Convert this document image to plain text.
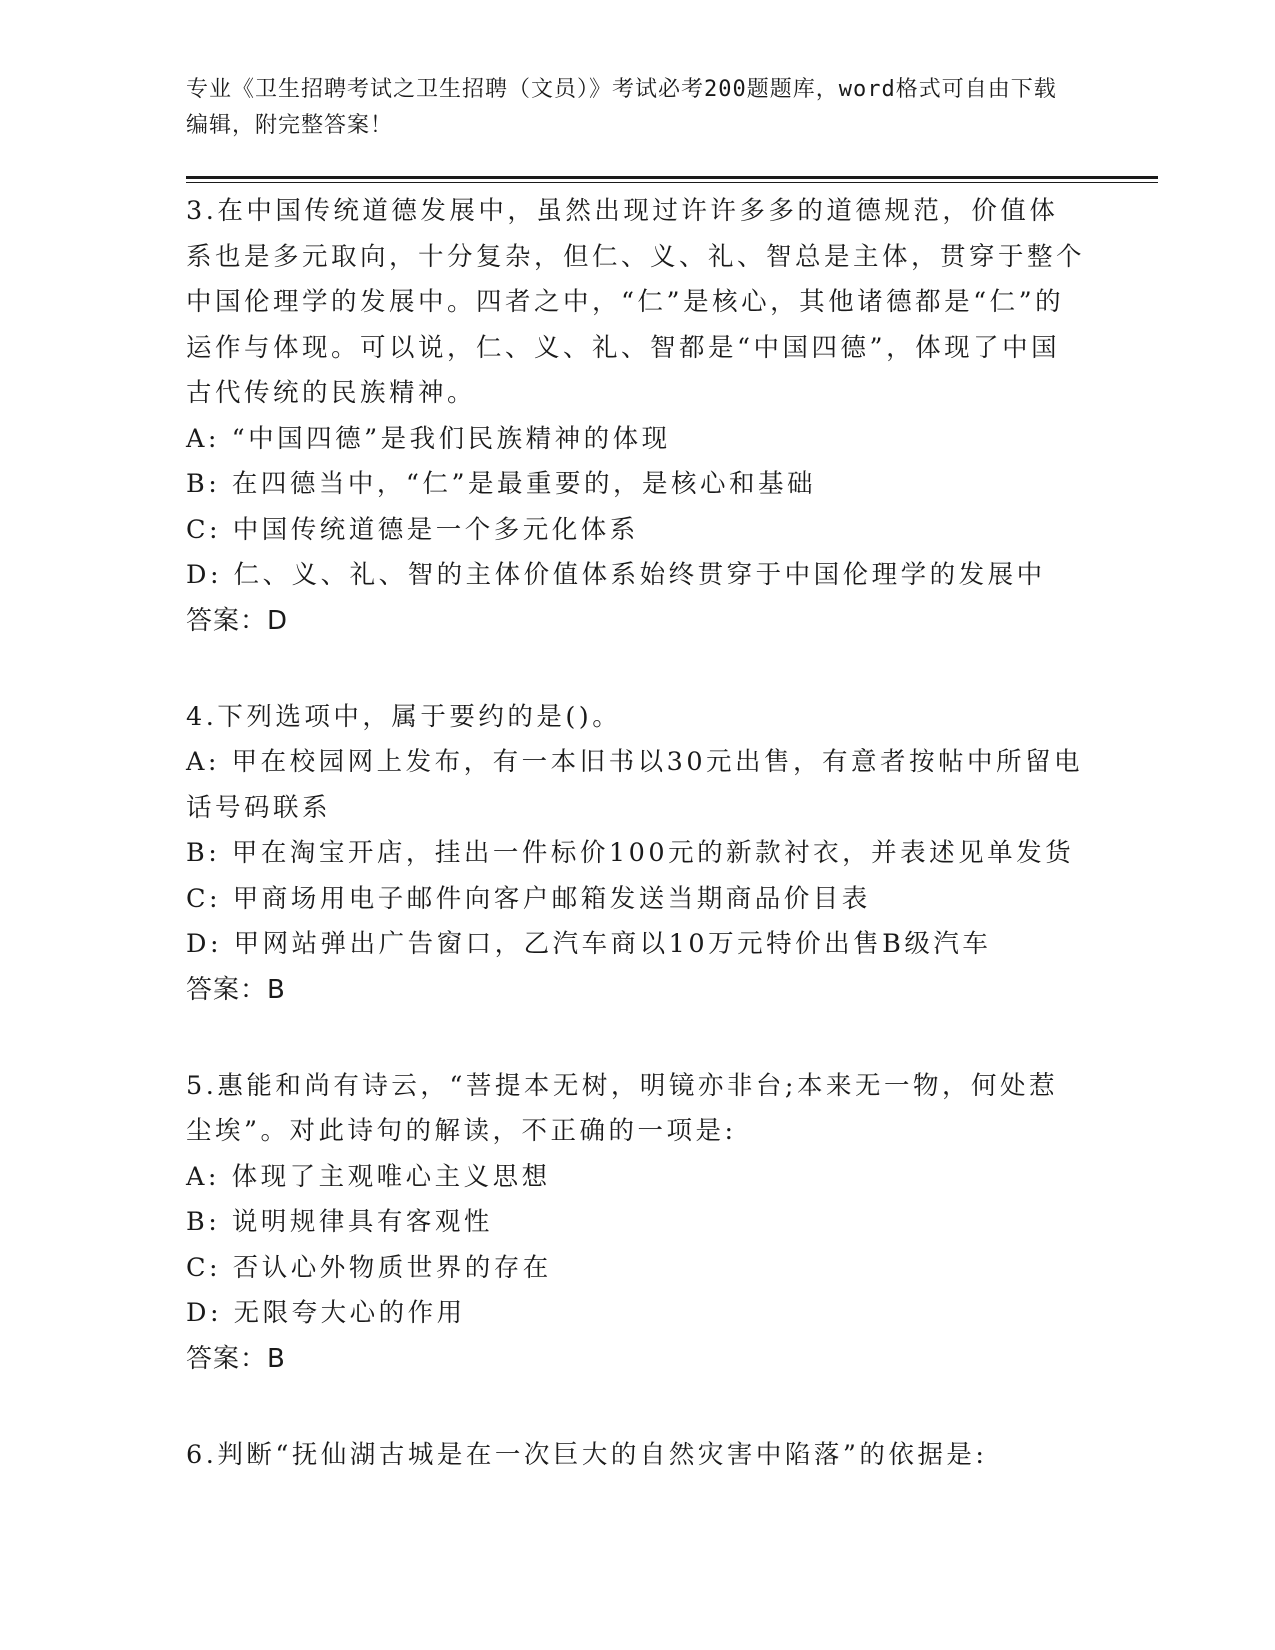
专业《卫生招聘考试之卫生招聘（文员）》考试必考200题题库，word格式可自由下载编辑，附完整答案！

3.在中国传统道德发展中，虽然出现过许许多多的道德规范，价值体系也是多元取向，十分复杂，但仁、义、礼、智总是主体，贯穿于整个中国伦理学的发展中。四者之中，“仁”是核心，其他诸德都是“仁”的运作与体现。可以说，仁、义、礼、智都是“中国四德”，体现了中国古代传统的民族精神。

A: “中国四德”是我们民族精神的体现

B: 在四德当中，“仁”是最重要的，是核心和基础

C: 中国传统道德是一个多元化体系

D: 仁、义、礼、智的主体价值体系始终贯穿于中国伦理学的发展中

答案：D

4.下列选项中，属于要约的是()。

A: 甲在校园网上发布，有一本旧书以30元出售，有意者按帖中所留电话号码联系

B: 甲在淘宝开店，挂出一件标价100元的新款衬衣，并表述见单发货

C: 甲商场用电子邮件向客户邮箱发送当期商品价目表

D: 甲网站弹出广告窗口，乙汽车商以10万元特价出售B级汽车

答案：B

5.惠能和尚有诗云，“菩提本无树，明镜亦非台;本来无一物，何处惹尘埃”。对此诗句的解读，不正确的一项是:

A: 体现了主观唯心主义思想

B: 说明规律具有客观性

C: 否认心外物质世界的存在

D: 无限夸大心的作用

答案：B

6.判断“抚仙湖古城是在一次巨大的自然灾害中陷落”的依据是:
